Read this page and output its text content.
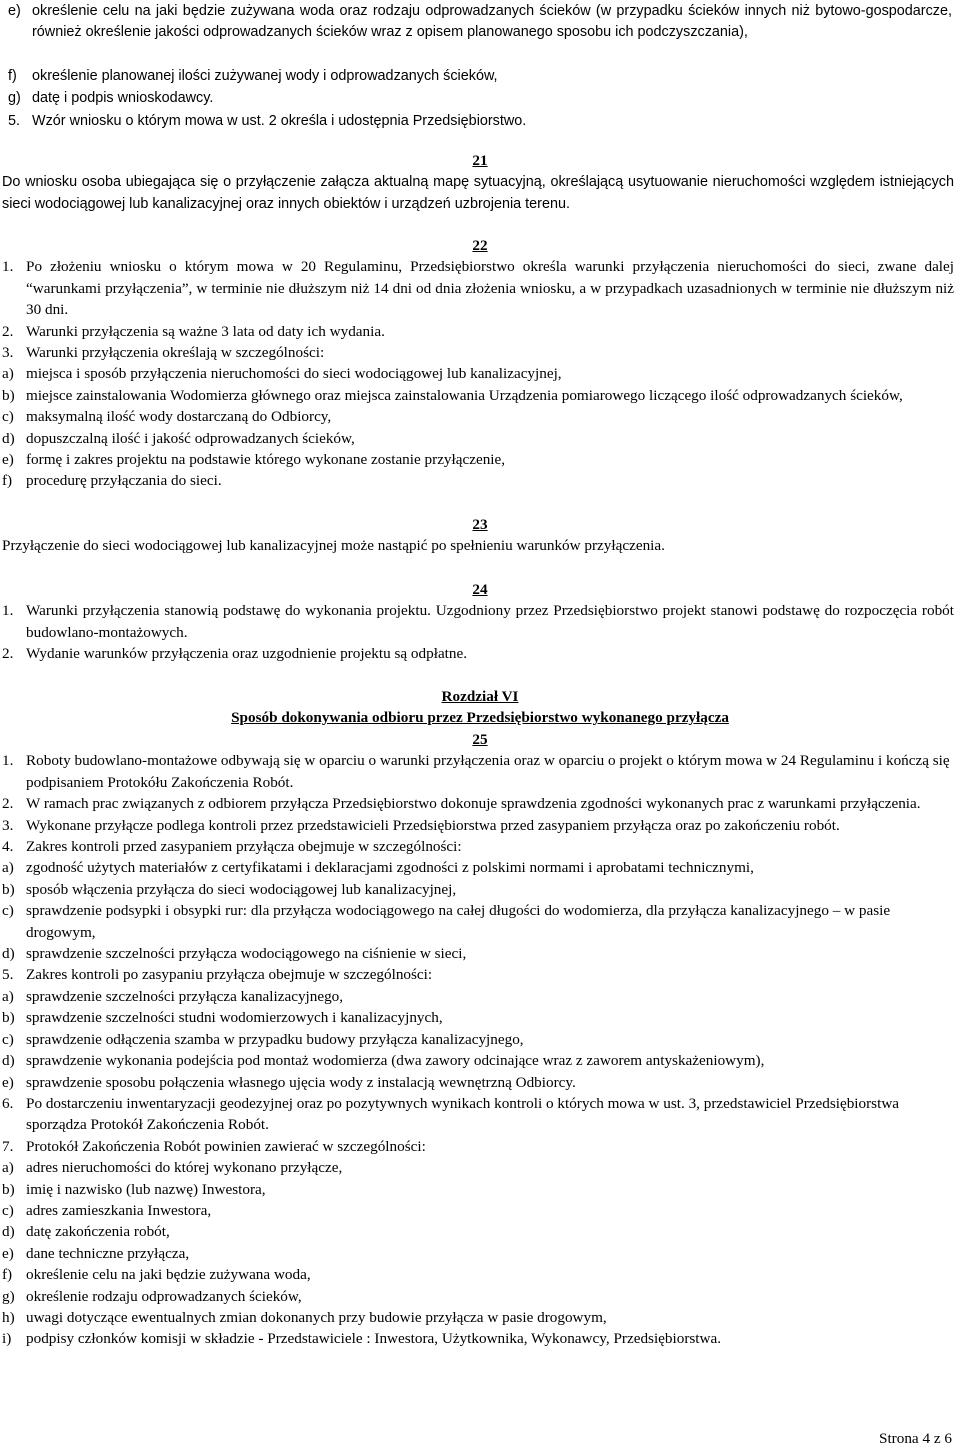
e) określenie celu na jaki będzie zużywana woda oraz rodzaju odprowadzanych ścieków (w przypadku ścieków innych niż bytowo-gospodarcze, również określenie jakości odprowadzanych ścieków wraz z opisem planowanego sposobu ich podczyszczania),
f) określenie planowanej ilości zużywanej wody i odprowadzanych ścieków,
g) datę i podpis wnioskodawcy.
5. Wzór wniosku o którym mowa w ust. 2 określa i udostępnia Przedsiębiorstwo.
21
Do wniosku osoba ubiegająca się o przyłączenie załącza aktualną mapę sytuacyjną, określającą usytuowanie nieruchomości względem istniejących sieci wodociągowej lub kanalizacyjnej oraz innych obiektów i urządzeń uzbrojenia terenu.
22
1. Po złożeniu wniosku o którym mowa w 20 Regulaminu, Przedsiębiorstwo określa warunki przyłączenia nieruchomości do sieci, zwane dalej “warunkami przyłączenia”, w terminie nie dłuższym niż 14 dni od dnia złożenia wniosku, a w przypadkach uzasadnionych w terminie nie dłuższym niż 30 dni.
2. Warunki przyłączenia są ważne 3 lata od daty ich wydania.
3. Warunki przyłączenia określają w szczególności:
a) miejsca i sposób przyłączenia nieruchomości do sieci wodociągowej lub kanalizacyjnej,
b) miejsce zainstalowania Wodomierza głównego oraz miejsca zainstalowania Urządzenia pomiarowego liczącego ilość odprowadzanych ścieków,
c) maksymalną ilość wody dostarczaną do Odbiorcy,
d) dopuszczalną ilość i jakość odprowadzanych ścieków,
e) formę i zakres projektu na podstawie którego wykonane zostanie przyłączenie,
f) procedurę przyłączania do sieci.
23
Przyłączenie do sieci wodociągowej lub kanalizacyjnej może nastąpić po spełnieniu warunków przyłączenia.
24
1. Warunki przyłączenia stanowią podstawę do wykonania projektu. Uzgodniony przez Przedsiębiorstwo projekt stanowi podstawę do rozpoczęcia robót budowlano-montażowych.
2. Wydanie warunków przyłączenia oraz uzgodnienie projektu są odpłatne.
Rozdział VI
Sposób dokonywania odbioru przez Przedsiębiorstwo wykonanego przyłącza
25
1. Roboty budowlano-montażowe odbywają się w oparciu o warunki przyłączenia oraz w oparciu o projekt o którym mowa w 24 Regulaminu i kończą się podpisaniem Protokółu Zakończenia Robót.
2. W ramach prac związanych z odbiorem przyłącza Przedsiębiorstwo dokonuje sprawdzenia zgodności wykonanych prac z warunkami przyłączenia.
3. Wykonane przyłącze podlega kontroli przez przedstawicieli Przedsiębiorstwa przed zasypaniem przyłącza oraz po zakończeniu robót.
4. Zakres kontroli przed zasypaniem przyłącza obejmuje w szczególności:
a) zgodność użytych materiałów z certyfikatami i deklaracjami zgodności z polskimi normami i aprobatami technicznymi,
b) sposób włączenia przyłącza do sieci wodociągowej lub kanalizacyjnej,
c) sprawdzenie podsypki i obsypki rur: dla przyłącza wodociągowego na całej długości do wodomierza, dla przyłącza kanalizacyjnego – w pasie drogowym,
d) sprawdzenie szczelności przyłącza wodociągowego na ciśnienie w sieci,
5. Zakres kontroli po zasypaniu przyłącza obejmuje w szczególności:
a) sprawdzenie szczelności przyłącza kanalizacyjnego,
b) sprawdzenie szczelności studni wodomierzowych i kanalizacyjnych,
c) sprawdzenie odłączenia szamba w przypadku budowy przyłącza kanalizacyjnego,
d) sprawdzenie wykonania podejścia pod montaż wodomierza (dwa zawory odcinające wraz z zaworem antyskażeniowym),
e) sprawdzenie sposobu połączenia własnego ujęcia wody z instalacją wewnętrzną Odbiorcy.
6. Po dostarczeniu inwentaryzacji geodezyjnej oraz po pozytywnych wynikach kontroli o których mowa w ust. 3, przedstawiciel Przedsiębiorstwa sporządza Protokół Zakończenia Robót.
7. Protokół Zakończenia Robót powinien zawierać w szczególności:
a) adres nieruchomości do której wykonano przyłącze,
b) imię i nazwisko (lub nazwę) Inwestora,
c) adres zamieszkania Inwestora,
d) datę zakończenia robót,
e) dane techniczne przyłącza,
f) określenie celu na jaki będzie zużywana woda,
g) określenie rodzaju odprowadzanych ścieków,
h) uwagi dotyczące ewentualnych zmian dokonanych przy budowie przyłącza w pasie drogowym,
i) podpisy członków komisji w składzie - Przedstawiciele : Inwestora, Użytkownika, Wykonawcy, Przedsiębiorstwa.
Strona 4 z 6
